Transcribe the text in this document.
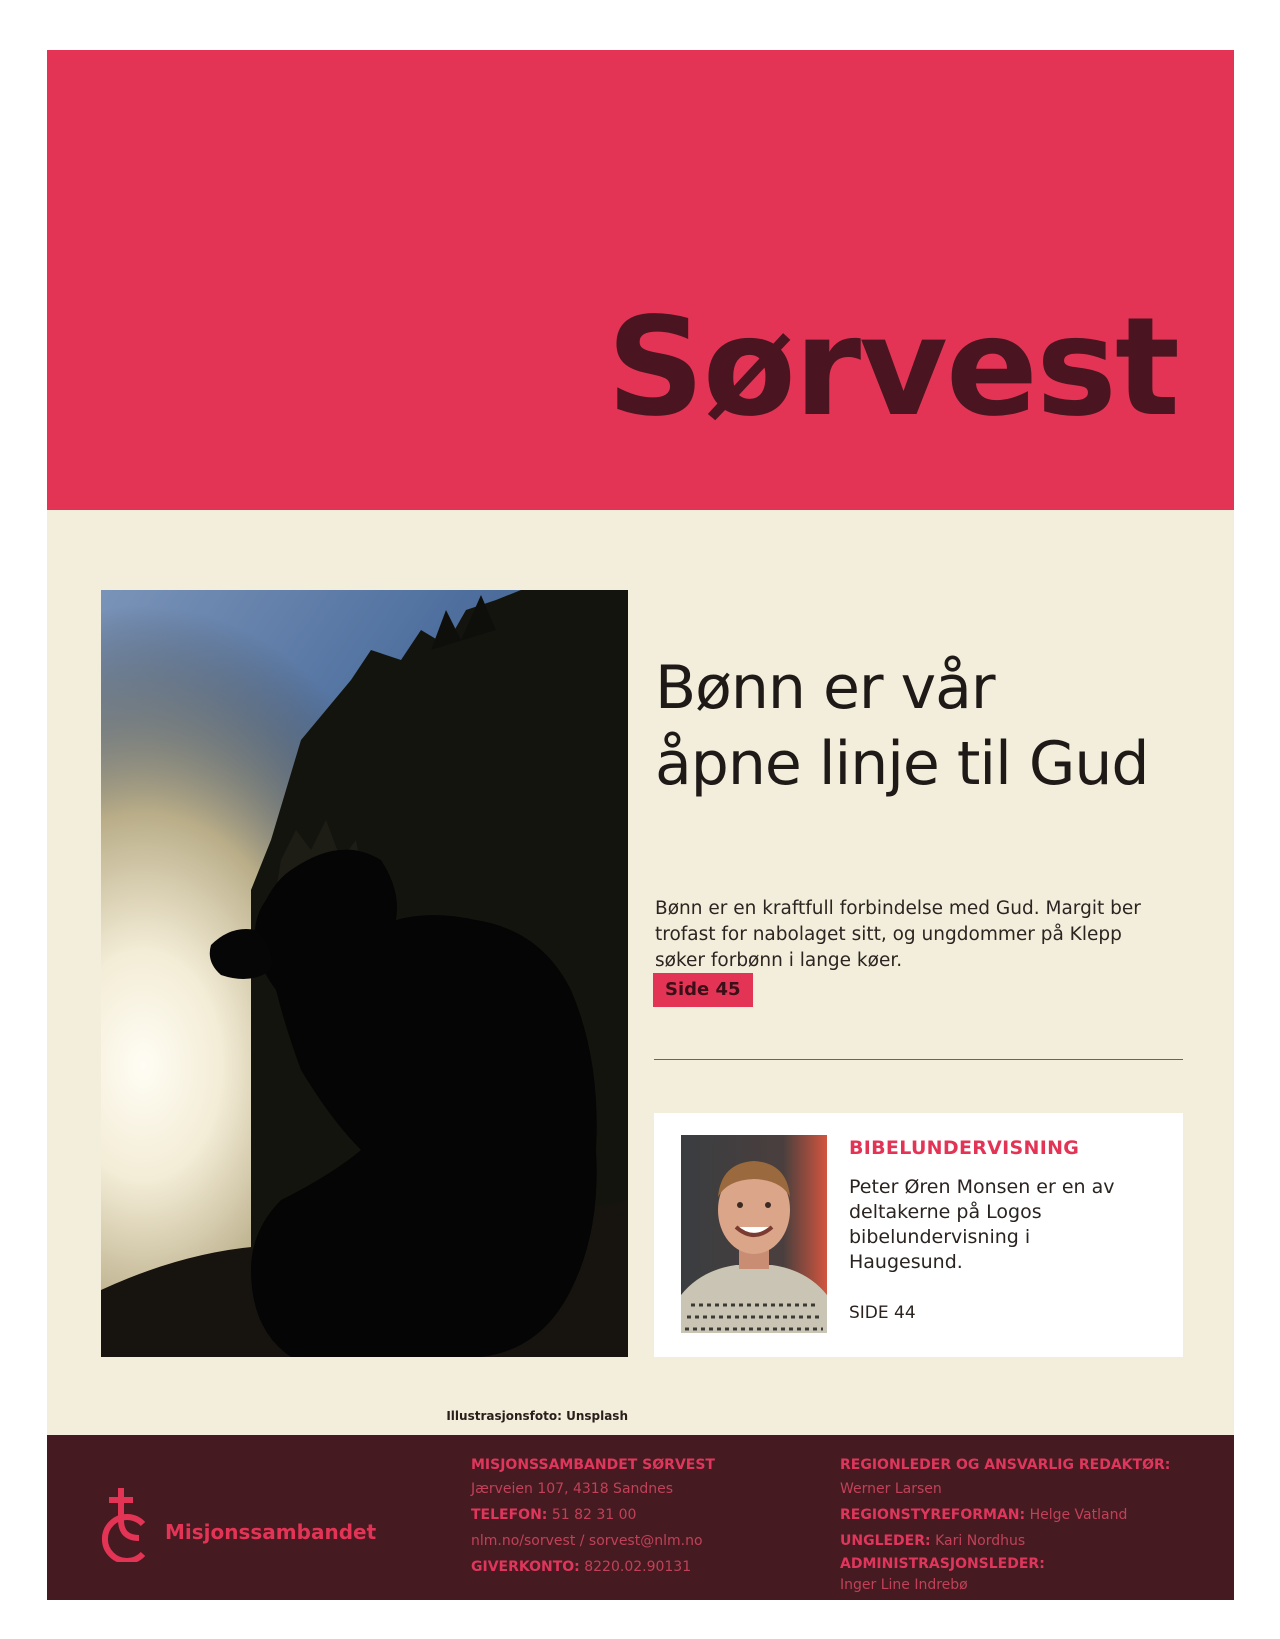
Sørvest
Illustrasjonsfoto: Unsplash
Bønn er vår
åpne linje til Gud

Bønn er en kraftfull forbindelse med Gud. Margit ber trofast for nabolaget sitt, og ungdommer på Klepp søker forbønn i lange køer.

Side 45

BIBELUNDERVISNING

Peter Øren Monsen er en av deltakerne på Logos bibelundervisning i Haugesund.

SIDE 44

Misjonssambandet
MISJONSSAMBANDET SØRVEST
Jærveien 107, 4318 Sandnes
TELEFON: 51 82 31 00
nlm.no/sorvest / sorvest@nlm.no
GIVERKONTO: 8220.02.90131
REGIONLEDER OG ANSVARLIG REDAKTØR:
Werner Larsen
REGIONSTYREFORMAN: Helge Vatland
UNGLEDER: Kari Nordhus
ADMINISTRASJONSLEDER:
Inger Line Indrebø
